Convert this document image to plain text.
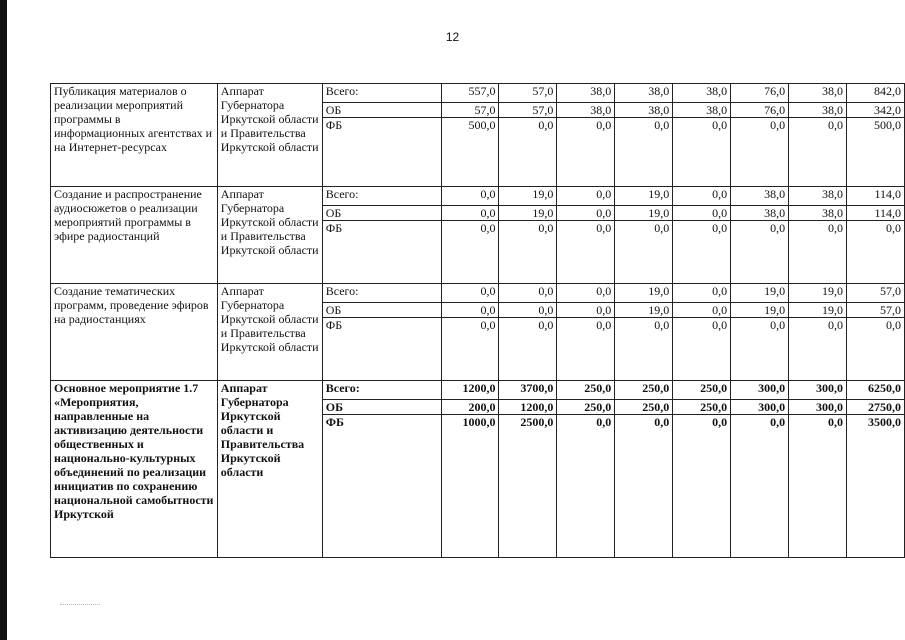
12
Публикация материалов о реализации мероприятий программы в информационных агентствах и на Интернет-ресурсах	Аппарат Губернатора Иркутской области и Правительства Иркутской области	Всего:	557,0	57,0	38,0	38,0	38,0	76,0	38,0	842,0
		ОБ	57,0	57,0	38,0	38,0	38,0	76,0	38,0	342,0
		ФБ	500,0	0,0	0,0	0,0	0,0	0,0	0,0	500,0
Создание и распространение аудиосюжетов о реализации мероприятий программы в эфире радиостанций	Аппарат Губернатора Иркутской области и Правительства Иркутской области	Всего:	0,0	19,0	0,0	19,0	0,0	38,0	38,0	114,0
		ОБ	0,0	19,0	0,0	19,0	0,0	38,0	38,0	114,0
		ФБ	0,0	0,0	0,0	0,0	0,0	0,0	0,0	0,0
Создание тематических программ, проведение эфиров на радиостанциях	Аппарат Губернатора Иркутской области и Правительства Иркутской области	Всего:	0,0	0,0	0,0	19,0	0,0	19,0	19,0	57,0
		ОБ	0,0	0,0	0,0	19,0	0,0	19,0	19,0	57,0
		ФБ	0,0	0,0	0,0	0,0	0,0	0,0	0,0	0,0
Основное мероприятие 1.7 «Мероприятия, направленные на активизацию деятельности общественных и национально-культурных объединений по реализации инициатив по сохранению национальной самобытности Иркутской	Аппарат Губернатора Иркутской области и Правительства Иркутской области	Всего:	1200,0	3700,0	250,0	250,0	250,0	300,0	300,0	6250,0
		ОБ	200,0	1200,0	250,0	250,0	250,0	300,0	300,0	2750,0
		ФБ	1000,0	2500,0	0,0	0,0	0,0	0,0	0,0	3500,0
